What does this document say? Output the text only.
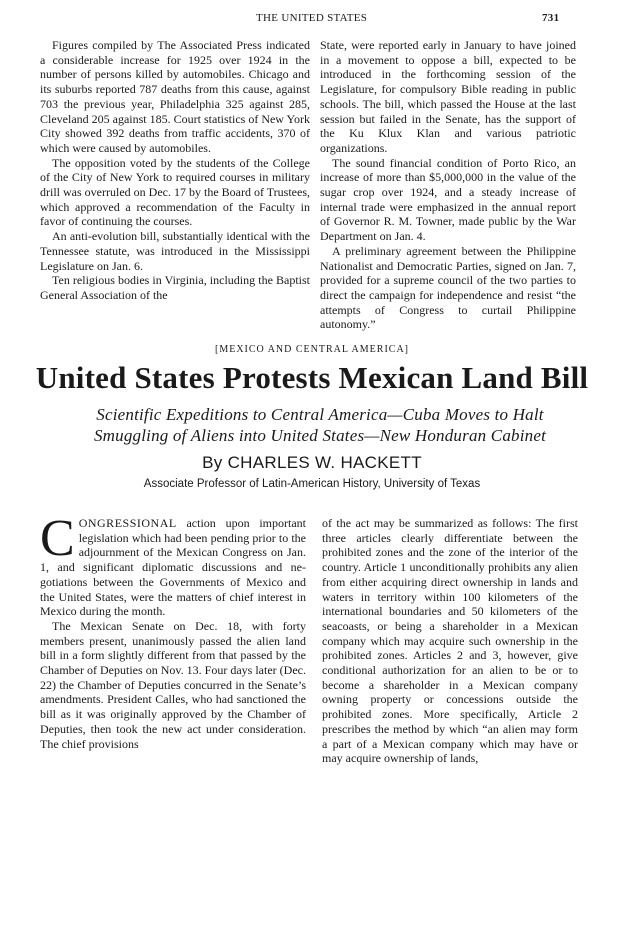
THE UNITED STATES	731

Figures compiled by The Associated Press indicated a considerable increase for 1925 over 1924 in the number of persons killed by automobiles. Chicago and its suburbs reported 787 deaths from this cause, against 703 the previous year, Philadelphia 325 against 285, Cleveland 205 against 185. Court statistics of New York City showed 392 deaths from traffic accidents, 370 of which were caused by automobiles.

The opposition voted by the students of the College of the City of New York to required courses in military drill was overruled on Dec. 17 by the Board of Trustees, which approved a recommendation of the Faculty in favor of continuing the courses.

An anti-evolution bill, substantially identical with the Tennessee statute, was introduced in the Mississippi Legislature on Jan. 6.

Ten religious bodies in Virginia, including the Baptist General Association of the

State, were reported early in January to have joined in a movement to oppose a bill, expected to be introduced in the forthcoming session of the Legislature, for compulsory Bible reading in public schools. The bill, which passed the House at the last session but failed in the Senate, has the support of the Ku Klux Klan and various patriotic organizations.

The sound financial condition of Porto Rico, an increase of more than $5,000,000 in the value of the sugar crop over 1924, and a steady increase of internal trade were emphasized in the annual report of Governor R. M. Towner, made public by the War Department on Jan. 4.

A preliminary agreement between the Philippine Nationalist and Democratic Parties, signed on Jan. 7, provided for a supreme council of the two parties to direct the campaign for independence and resist “the attempts of Congress to curtail Philippine autonomy.”

[MEXICO AND CENTRAL AMERICA]
United States Protests Mexican Land Bill
Scientific Expeditions to Central America—Cuba Moves to Halt
Smuggling of Aliens into United States—New Honduran Cabinet
By CHARLES W. HACKETT
Associate Professor of Latin-American History, University of Texas

CONGRESSIONAL action upon important legislation which had been pending prior to the adjournment of the Mexican Congress on Jan. 1, and significant diplomatic discussions and negotiations between the Governments of Mexico and the United States, were the matters of chief interest in Mexico during the month.

The Mexican Senate on Dec. 18, with forty members present, unanimously passed the alien land bill in a form slightly different from that passed by the Chamber of Deputies on Nov. 13. Four days later (Dec. 22) the Chamber of Deputies concurred in the Senate’s amendments. President Calles, who had sanctioned the bill as it was originally approved by the Chamber of Deputies, then took the new act under consideration. The chief provisions

of the act may be summarized as follows: The first three articles clearly differentiate between the prohibited zones and the zone of the interior of the country. Article 1 unconditionally prohibits any alien from either acquiring direct ownership in lands and waters in territory within 100 kilometers of the international boundaries and 50 kilometers of the seacoasts, or being a shareholder in a Mexican company which may acquire such ownership in the prohibited zones. Articles 2 and 3, however, give conditional authorization for an alien to be or to become a shareholder in a Mexican company owning property or concessions outside the prohibited zones. More specifically, Article 2 prescribes the method by which “an alien may form a part of a Mexican company which may have or may acquire ownership of lands,
